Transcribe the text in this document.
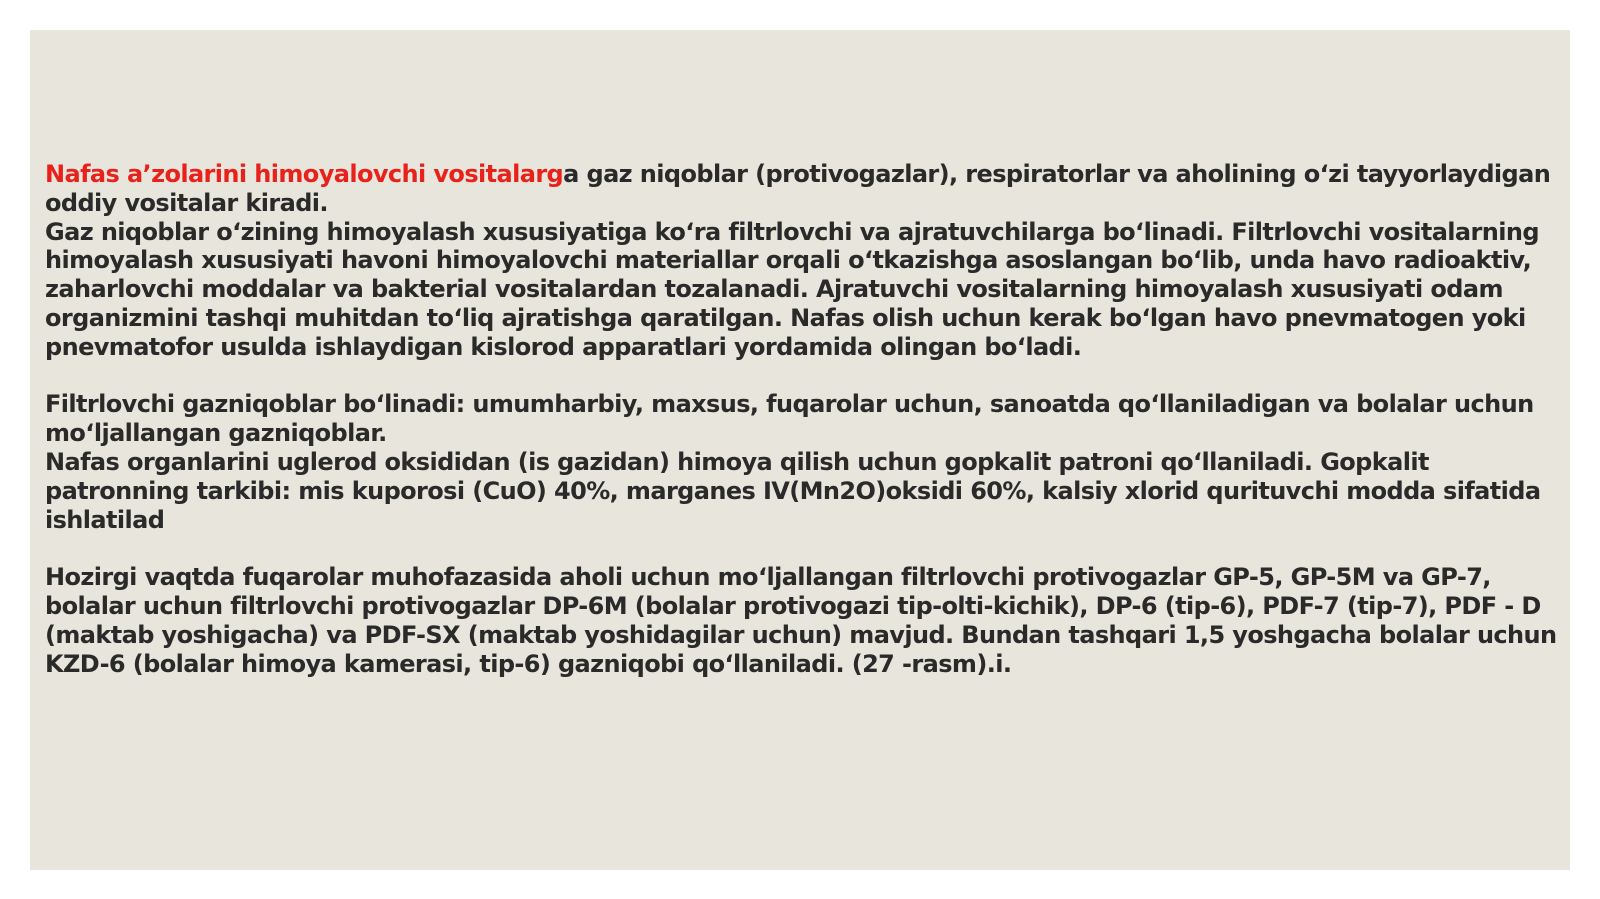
Nafas a’zolarini himoyalovchi vositalarga gaz niqoblar (protivogazlar), respiratorlar va aholining o‘zi tayyorlaydigan oddiy vositalar kiradi.

Gaz niqoblar o‘zining himoyalash xususiyatiga ko‘ra filtrlovchi va ajratuvchilarga bo‘linadi. Filtrlovchi vositalarning himoyalash xususiyati havoni himoyalovchi materiallar orqali o‘tkazishga asoslangan bo‘lib, unda havo radioaktiv, zaharlovchi moddalar va bakterial vositalardan tozalanadi. Ajratuvchi vositalarning himoyalash xususiyati odam organizmini tashqi muhitdan to‘liq ajratishga qaratilgan. Nafas olish uchun kerak bo‘lgan havo pnevmatogen yoki pnevmatofor usulda ishlaydigan kislorod apparatlari yordamida olingan bo‘ladi.

Filtrlovchi gazniqoblar bo‘linadi: umumharbiy, maxsus, fuqarolar uchun, sanoatda qo‘llaniladigan va bolalar uchun mo‘ljallangan gazniqoblar.

Nafas organlarini uglerod oksididan (is gazidan) himoya qilish uchun gopkalit patroni qo‘llaniladi. Gopkalit patronning tarkibi: mis kuporosi (CuO) 40%, marganes IV(Mn2O)oksidi 60%, kalsiy xlorid qurituvchi modda sifatida ishlatilad

Hozirgi vaqtda fuqarolar muhofazasida aholi uchun mo‘ljallangan filtrlovchi protivogazlar GP-5, GP-5M va GP-7, bolalar uchun filtrlovchi protivogazlar DP-6M (bolalar protivogazi tip-olti-kichik), DP-6 (tip-6), PDF-7 (tip-7), PDF - D (maktab yoshigacha) va PDF-SX (maktab yoshidagilar uchun) mavjud. Bundan tashqari 1,5 yoshgacha bolalar uchun KZD-6 (bolalar himoya kamerasi, tip-6) gazniqobi qo‘llaniladi. (27 -rasm).i.
